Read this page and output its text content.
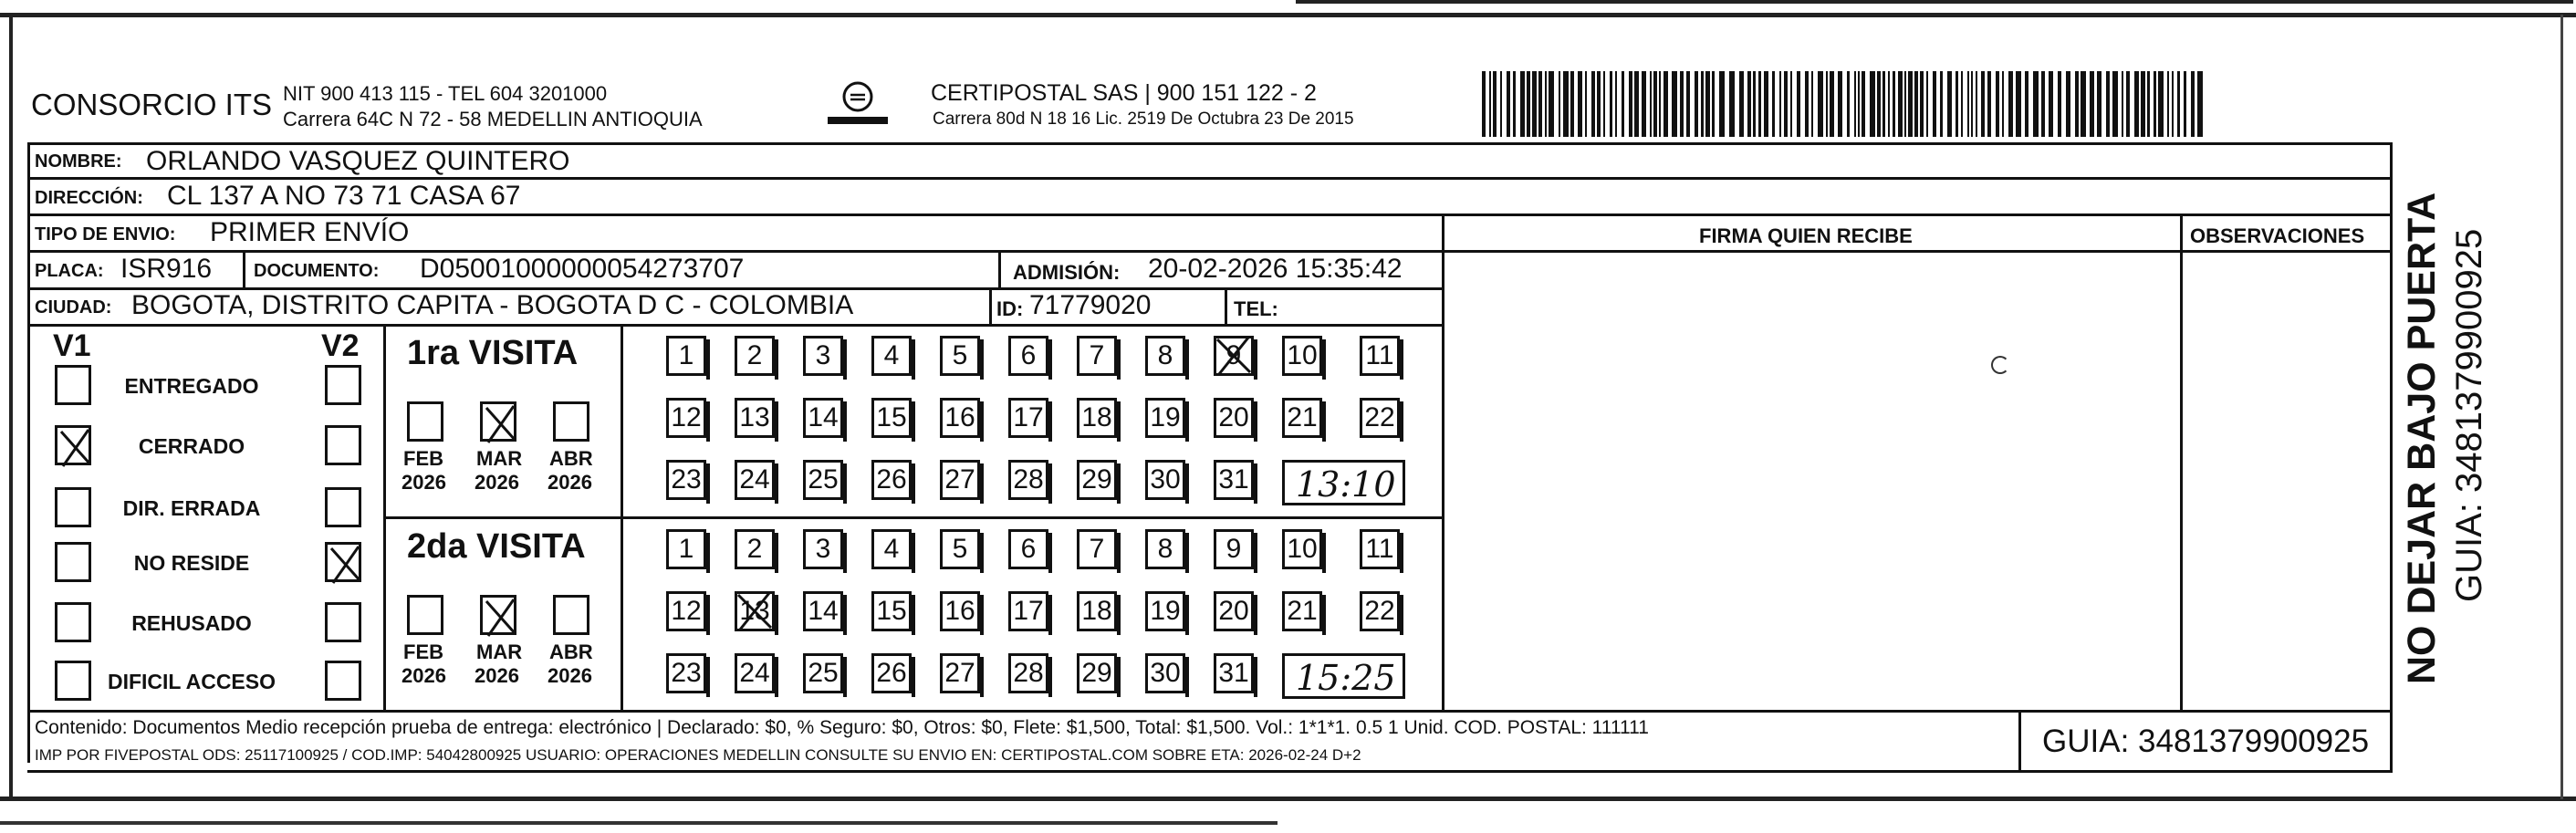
CONSORCIO ITS NIT 900 413 115 - TEL 604 3201000
Carrera 64C N 72 - 58 MEDELLIN ANTIOQUIA
CERTIPOSTAL SAS | 900 151 122 - 2
Carrera 80d N 18 16 Lic. 2519 De Octubra 23 De 2015
NOMBRE: ORLANDO VASQUEZ QUINTERO
DIRECCIÓN: CL 137 A NO 73 71 CASA 67
TIPO DE ENVIO: PRIMER ENVÍO	FIRMA QUIEN RECIBE	OBSERVACIONES
PLACA: ISR916 DOCUMENTO: D05001000000054273707	ADMISIÓN: 20-02-2026 15:35:42
CIUDAD: BOGOTA, DISTRITO CAPITA - BOGOTA D C - COLOMBIA	ID: 71779020	TEL:
V1	V2
ENTREGADO
CERRADO
DIR. ERRADA
NO RESIDE
REHUSADO
DIFICIL ACCESO
1ra VISITA
FEB
2026
MAR
2026
ABR
2026
1	2	3	4	5	6	7	8	9	10 11
12 13 14 15 16 17 18 19 20 21 22
23 24 25 26 27 28 29 30 31 13:10
2da VISITA
FEB
2026
MAR
2026
ABR
2026
1	2	3	4	5	6	7	8	9	10 11
12 13 14 15 16 17 18 19 20 21 22
23 24 25 26 27 28 29 30 31 15:25
Contenido: Documentos Medio recepción prueba de entrega: electrónico | Declarado: $0, % Seguro: $0, Otros: $0, Flete: $1,500, Total: $1,500. Vol.: 1*1*1. 0.5 1 Unid. COD. POSTAL: 111111
IMP POR FIVEPOSTAL ODS: 25117100925 / COD.IMP: 54042800925 USUARIO: OPERACIONES MEDELLIN CONSULTE SU ENVIO EN: CERTIPOSTAL.COM SOBRE ETA: 2026-02-24 D+2	GUIA: 3481379900925
NO DEJAR BAJO PUERTA GUIA: 3481379900925
